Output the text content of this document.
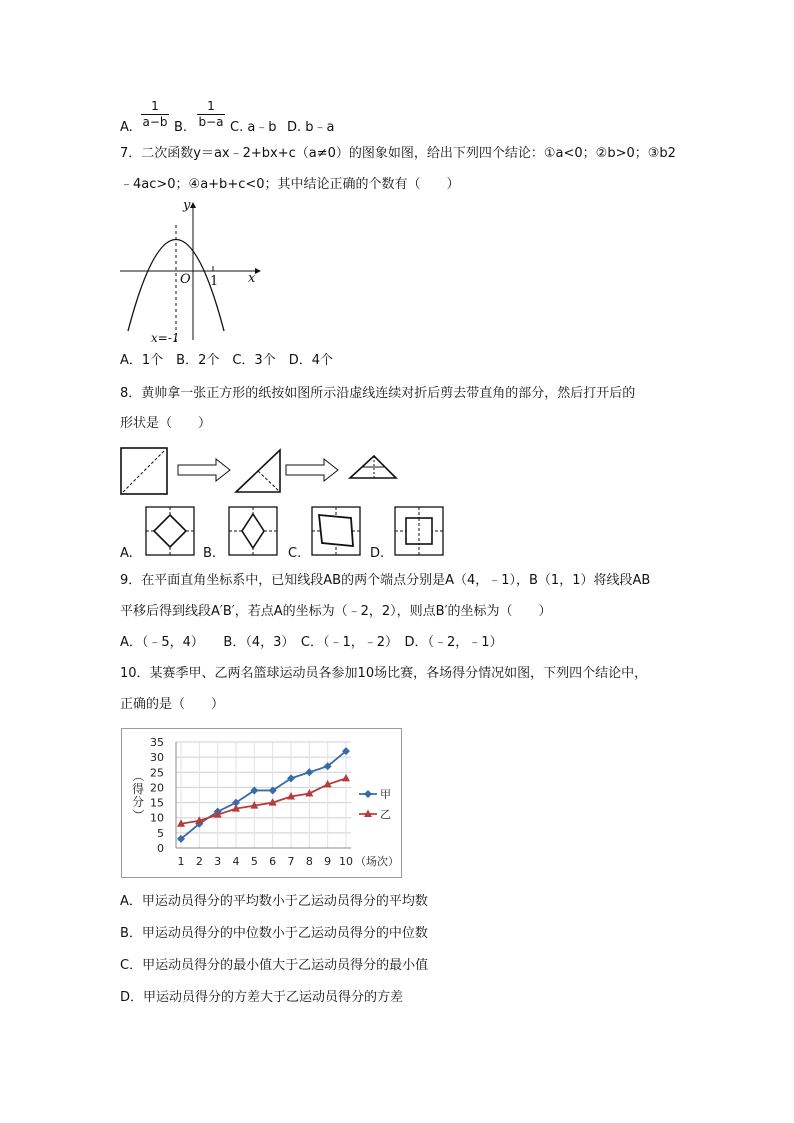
A.
1
a−b B.
1
b−a C. a﹣b D. b﹣a
7．二次函数y＝ax﹣2+bx+c（a≠0）的图象如图，给出下列四个结论：①a<0；②b>0；③b2
﹣4ac>0；④a+b+c<0；其中结论正确的个数有（　　）
y
x
O 1
x=-1
A．1个　B．2个　C．3个　D．4个
8．黄帅拿一张正方形的纸按如图所示沿虚线连续对折后剪去带直角的部分，然后打开后的
形状是（　　）
A.	B.	C.	D.
9．在平面直角坐标系中，已知线段AB的两个端点分别是A（4，﹣1），B（1，1）将线段AB
平移后得到线段A′B′，若点A的坐标为（﹣2，2），则点B′的坐标为（　　）
A．（﹣5，4）　　B．（4，3）　C．（﹣1，﹣2）　D．（﹣2，﹣1）
10．某赛季甲、乙两名篮球运动员各参加10场比赛，各场得分情况如图，下列四个结论中，
正确的是（　　）
35
30
25
20
15
10
5
0
1 2 3 4 5 6 7 8 9 10 （场次）
（
得
分
）
甲
乙
A．甲运动员得分的平均数小于乙运动员得分的平均数
B．甲运动员得分的中位数小于乙运动员得分的中位数
C．甲运动员得分的最小值大于乙运动员得分的最小值
D．甲运动员得分的方差大于乙运动员得分的方差
